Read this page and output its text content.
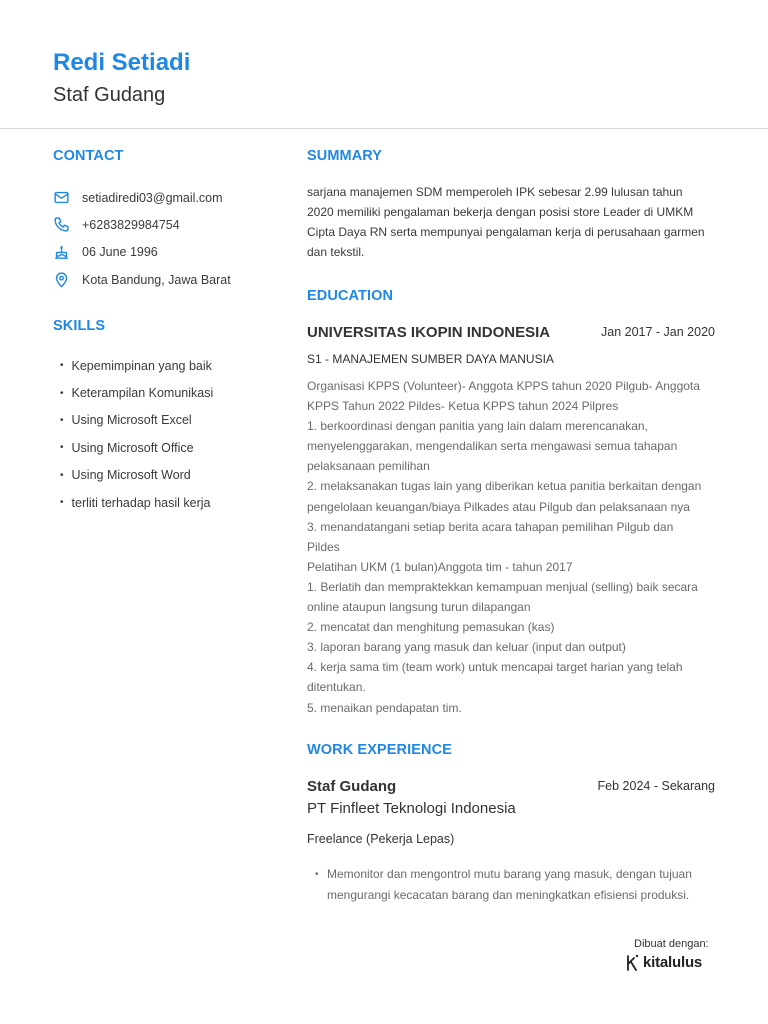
Redi Setiadi
Staf Gudang
CONTACT
setiadiredi03@gmail.com
+6283829984754
06 June 1996
Kota Bandung, Jawa Barat
SKILLS
• Kepemimpinan yang baik
• Keterampilan Komunikasi
• Using Microsoft Excel
• Using Microsoft Office
• Using Microsoft Word
• terliti terhadap hasil kerja
SUMMARY
sarjana manajemen SDM memperoleh IPK sebesar 2.99 lulusan tahun
2020 memiliki pengalaman bekerja dengan posisi store Leader di UMKM
Cipta Daya RN serta mempunyai pengalaman kerja di perusahaan garmen
dan tekstil.
EDUCATION
UNIVERSITAS IKOPIN INDONESIA	Jan 2017 - Jan 2020
S1 - MANAJEMEN SUMBER DAYA MANUSIA
Organisasi KPPS (Volunteer)- Anggota KPPS tahun 2020 Pilgub- Anggota
KPPS Tahun 2022 Pildes- Ketua KPPS tahun 2024 Pilpres
1. berkoordinasi dengan panitia yang lain dalam merencanakan,
menyelenggarakan, mengendalikan serta mengawasi semua tahapan
pelaksanaan pemilihan
2. melaksanakan tugas lain yang diberikan ketua panitia berkaitan dengan
pengelolaan keuangan/biaya Pilkades atau Pilgub dan pelaksanaan nya
3. menandatangani setiap berita acara tahapan pemilihan Pilgub dan
Pildes
Pelatihan UKM (1 bulan)Anggota tim - tahun 2017
1. Berlatih dan mempraktekkan kemampuan menjual (selling) baik secara
online ataupun langsung turun dilapangan
2. mencatat dan menghitung pemasukan (kas)
3. laporan barang yang masuk dan keluar (input dan output)
4. kerja sama tim (team work) untuk mencapai target harian yang telah
ditentukan.
5. menaikan pendapatan tim.
WORK EXPERIENCE
Staf Gudang	Feb 2024 - Sekarang
PT Finfleet Teknologi Indonesia
Freelance (Pekerja Lepas)
• Memonitor dan mengontrol mutu barang yang masuk, dengan tujuan
mengurangi kecacatan barang dan meningkatkan efisiensi produksi.
Dibuat dengan:
kitalulus
